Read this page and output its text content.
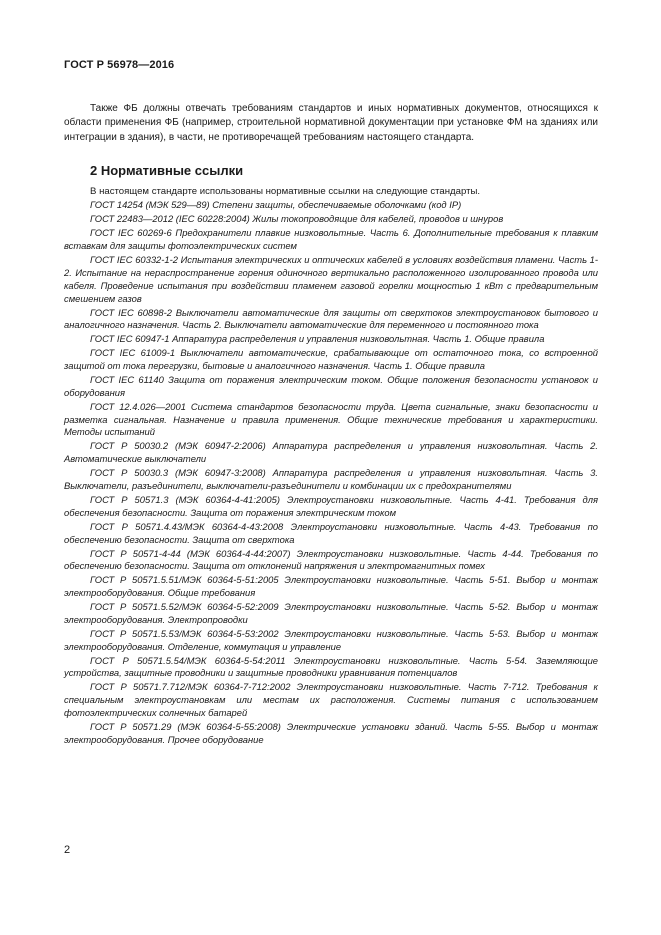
ГОСТ Р 56978—2016

Также ФБ должны отвечать требованиям стандартов и иных нормативных документов, относящихся к области применения ФБ (например, строительной нормативной документации при установке ФМ на зданиях или интеграции в здания), в части, не противоречащей требованиям настоящего стандарта.

2 Нормативные ссылки

В настоящем стандарте использованы нормативные ссылки на следующие стандарты.

ГОСТ 14254 (МЭК 529—89) Степени защиты, обеспечиваемые оболочками (код IP)

ГОСТ 22483—2012 (IEC 60228:2004) Жилы токопроводящие для кабелей, проводов и шнуров

ГОСТ IEC 60269-6 Предохранители плавкие низковольтные. Часть 6. Дополнительные требования к плавким вставкам для защиты фотоэлектрических систем

ГОСТ IEC 60332-1-2 Испытания электрических и оптических кабелей в условиях воздействия пламени. Часть 1-2. Испытание на нераспространение горения одиночного вертикально расположенного изолированного провода или кабеля. Проведение испытания при воздействии пламенем газовой горелки мощностью 1 кВт с предварительным смешением газов

ГОСТ IEC 60898-2 Выключатели автоматические для защиты от сверхтоков электроустановок бытового и аналогичного назначения. Часть 2. Выключатели автоматические для переменного и постоянного тока

ГОСТ IEC 60947-1 Аппаратура распределения и управления низковольтная. Часть 1. Общие правила

ГОСТ IEC 61009-1 Выключатели автоматические, срабатывающие от остаточного тока, со встроенной защитой от тока перегрузки, бытовые и аналогичного назначения. Часть 1. Общие правила

ГОСТ IEC 61140 Защита от поражения электрическим током. Общие положения безопасности установок и оборудования

ГОСТ 12.4.026—2001 Система стандартов безопасности труда. Цвета сигнальные, знаки безопасности и разметка сигнальная. Назначение и правила применения. Общие технические требования и характеристики. Методы испытаний

ГОСТ Р 50030.2 (МЭК 60947-2:2006) Аппаратура распределения и управления низковольтная. Часть 2. Автоматические выключатели

ГОСТ Р 50030.3 (МЭК 60947-3:2008) Аппаратура распределения и управления низковольтная. Часть 3. Выключатели, разъединители, выключатели-разъединители и комбинации их с предохранителями

ГОСТ Р 50571.3 (МЭК 60364-4-41:2005) Электроустановки низковольтные. Часть 4-41. Требования для обеспечения безопасности. Защита от поражения электрическим током

ГОСТ Р 50571.4.43/МЭК 60364-4-43:2008 Электроустановки низковольтные. Часть 4-43. Требования по обеспечению безопасности. Защита от сверхтока

ГОСТ Р 50571-4-44 (МЭК 60364-4-44:2007) Электроустановки низковольтные. Часть 4-44. Требования по обеспечению безопасности. Защита от отклонений напряжения и электромагнитных помех

ГОСТ Р 50571.5.51/МЭК 60364-5-51:2005 Электроустановки низковольтные. Часть 5-51. Выбор и монтаж электрооборудования. Общие требования

ГОСТ Р 50571.5.52/МЭК 60364-5-52:2009 Электроустановки низковольтные. Часть 5-52. Выбор и монтаж электрооборудования. Электропроводки

ГОСТ Р 50571.5.53/МЭК 60364-5-53:2002 Электроустановки низковольтные. Часть 5-53. Выбор и монтаж электрооборудования. Отделение, коммутация и управление

ГОСТ Р 50571.5.54/МЭК 60364-5-54:2011 Электроустановки низковольтные. Часть 5-54. Заземляющие устройства, защитные проводники и защитные проводники уравнивания потенциалов

ГОСТ Р 50571.7.712/МЭК 60364-7-712:2002 Электроустановки низковольтные. Часть 7-712. Требования к специальным электроустановкам или местам их расположения. Системы питания с использованием фотоэлектрических солнечных батарей

ГОСТ Р 50571.29 (МЭК 60364-5-55:2008) Электрические установки зданий. Часть 5-55. Выбор и монтаж электрооборудования. Прочее оборудование

2
